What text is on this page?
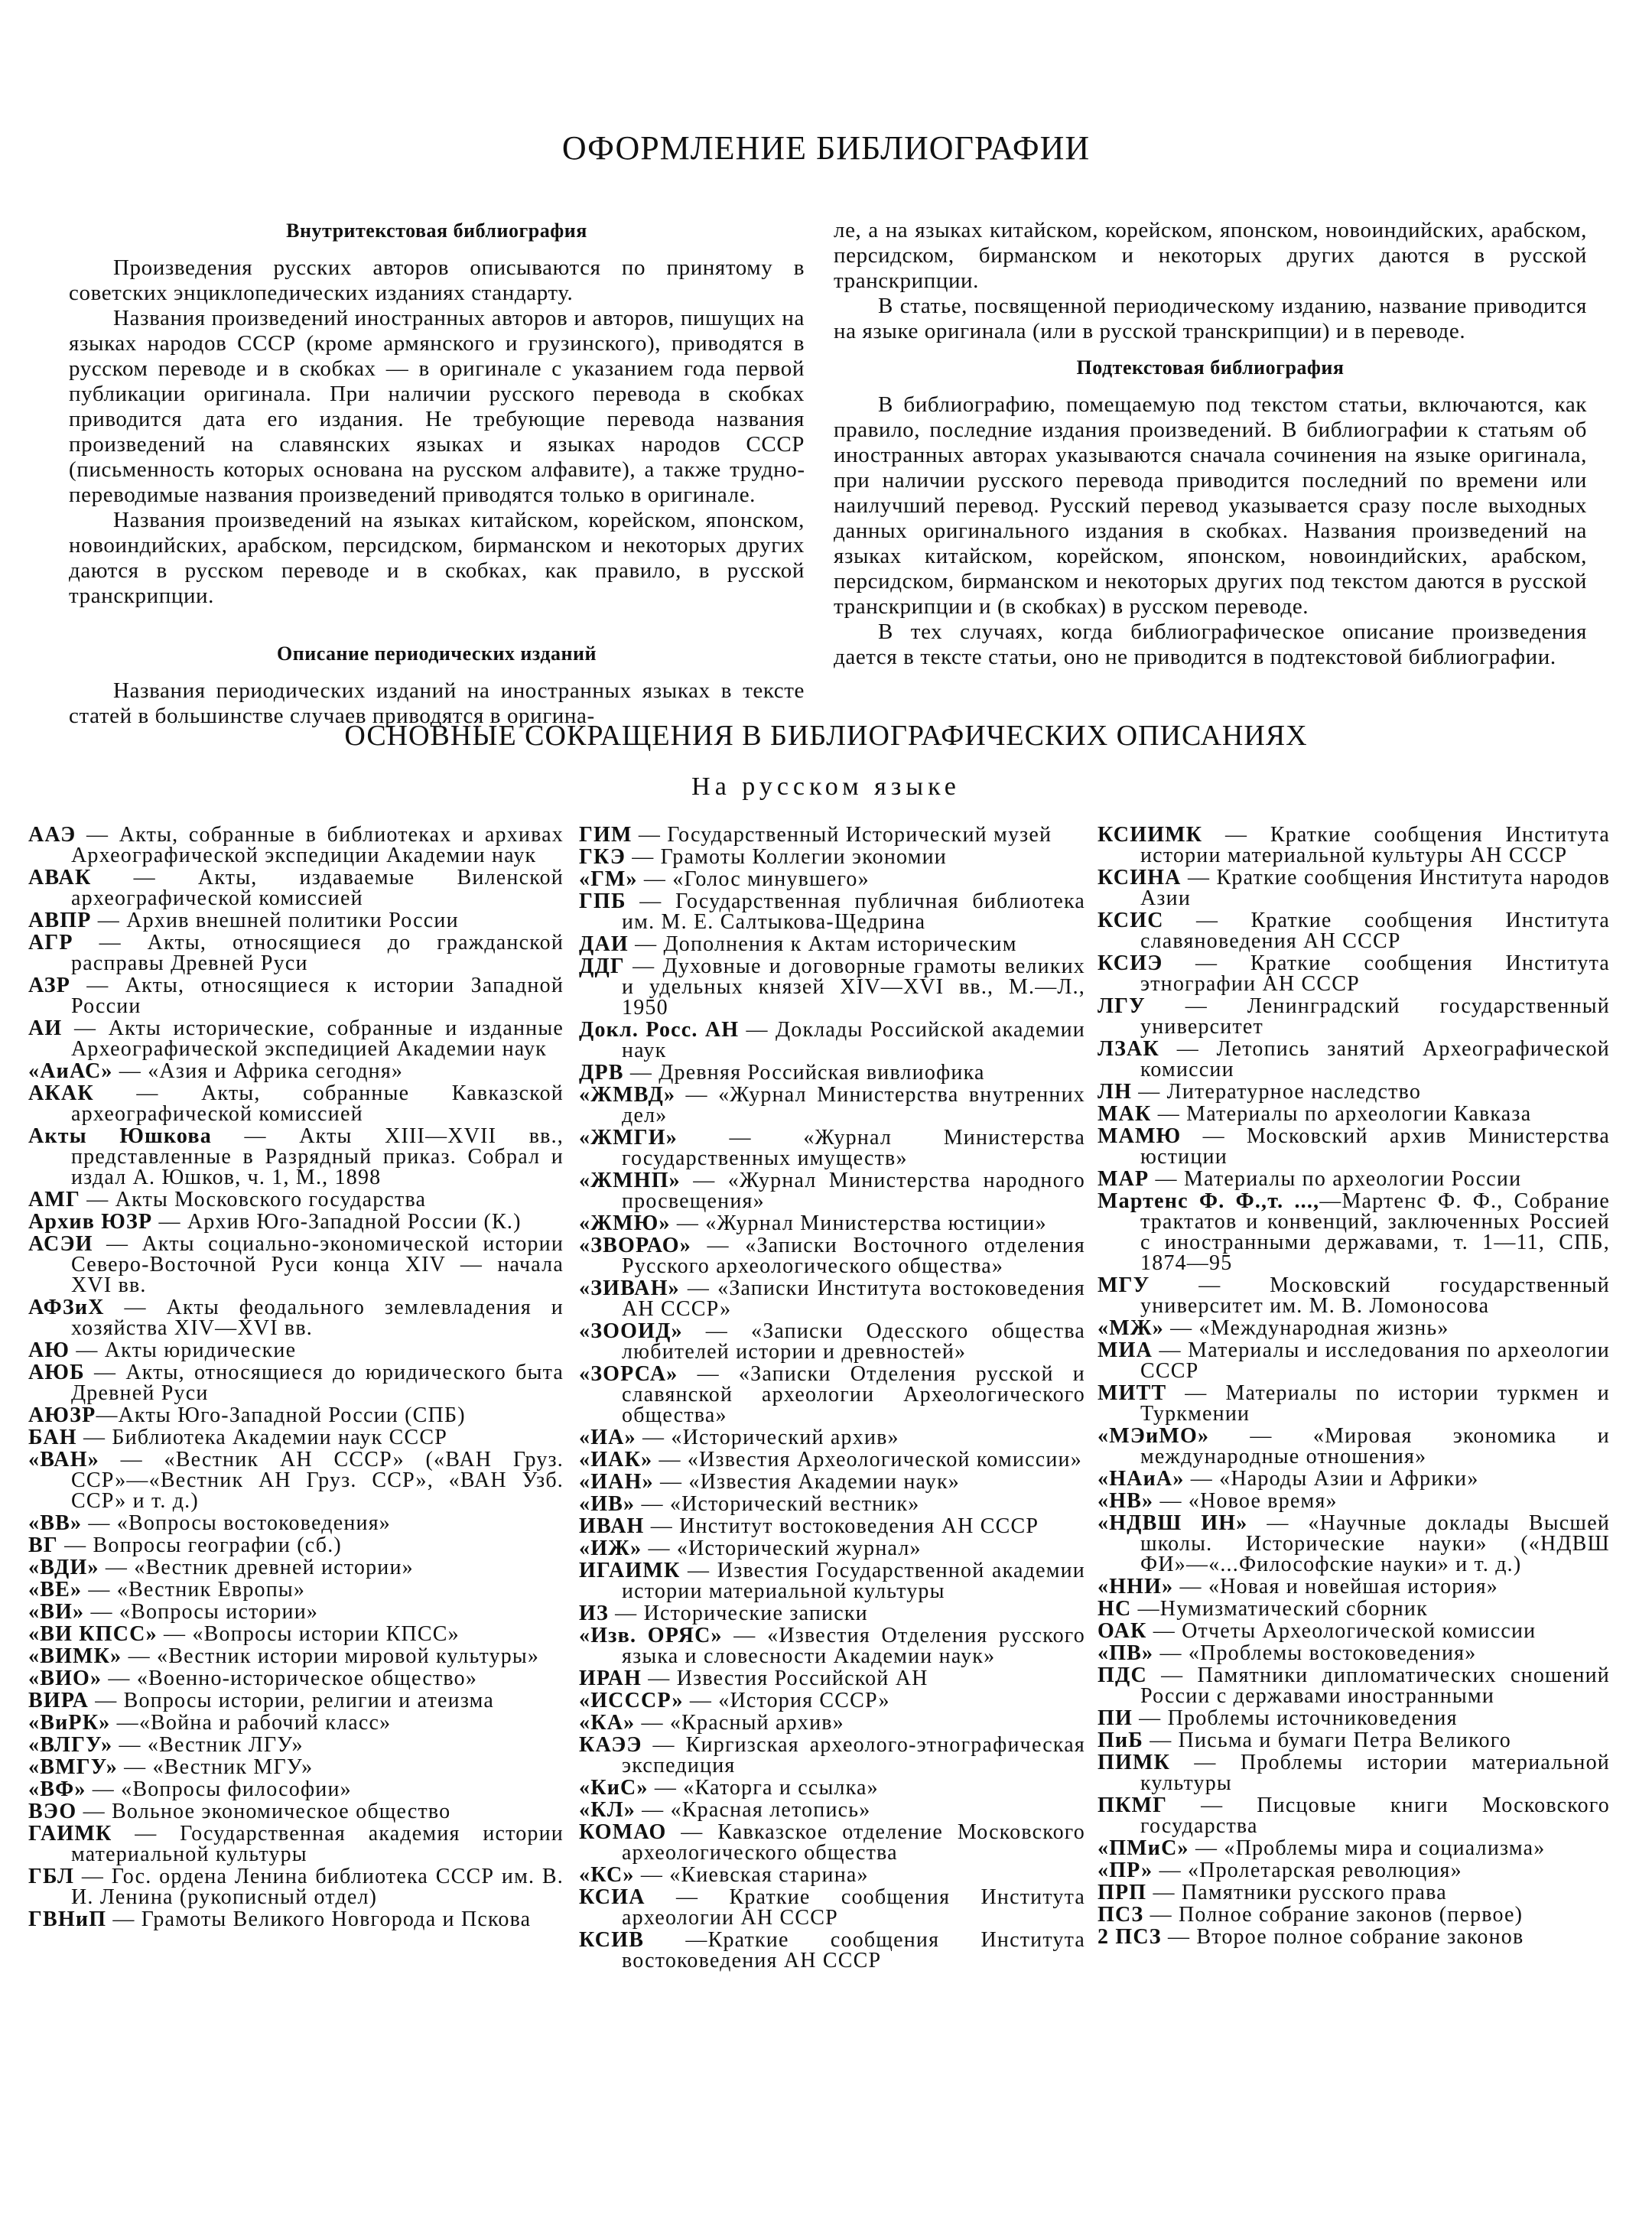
ОФОРМЛЕНИЕ БИБЛИОГРАФИИ
Внутритекстовая библиография

Произведения русских авторов описываются по принятому в советских энциклопедических изданиях стандарту.

Названия произведений иностранных авторов и авторов, пишущих на языках народов СССР (кроме армянского и грузинского), приводятся в русском переводе и в скобках — в оригинале с указанием года первой публикации оригинала. При наличии русского перевода в скобках приводится дата его издания. Не требующие перевода названия произведений на славянских языках и языках народов СССР (письменность которых основана на русском алфавите), а также труднопереводимые названия произведений приводятся только в оригинале.

Названия произведений на языках китайском, корейском, японском, новоиндийских, арабском, персидском, бирманском и некоторых других даются в русском переводе и в скобках, как правило, в русской транскрипции.

Описание периодических изданий

Названия периодических изданий на иностранных языках в тексте статей в большинстве случаев приводятся в оригина-

ле, а на языках китайском, корейском, японском, новоиндийских, арабском, персидском, бирманском и некоторых других даются в русской транскрипции.

В статье, посвященной периодическому изданию, название приводится на языке оригинала (или в русской транскрипции) и в переводе.

Подтекстовая библиография

В библиографию, помещаемую под текстом статьи, включаются, как правило, последние издания произведений. В библиографии к статьям об иностранных авторах указываются сначала сочинения на языке оригинала, при наличии русского перевода приводится последний по времени или наилучший перевод. Русский перевод указывается сразу после выходных данных оригинального издания в скобках. Названия произведений на языках китайском, корейском, японском, новоиндийских, арабском, персидском, бирманском и некоторых других под текстом даются в русской транскрипции и (в скобках) в русском переводе.

В тех случаях, когда библиографическое описание произведения дается в тексте статьи, оно не приводится в подтекстовой библиографии.

ОСНОВНЫЕ СОКРАЩЕНИЯ В БИБЛИОГРАФИЧЕСКИХ ОПИСАНИЯХ
На русском языке
ААЭ — Акты, собранные в библиотеках и архивах Археографической экспедиции Академии наук
АВАК — Акты, издаваемые Виленской археографической комиссией
АВПР — Архив внешней политики России
АГР — Акты, относящиеся до гражданской расправы Древней Руси
АЗР — Акты, относящиеся к истории Западной России
АИ — Акты исторические, собранные и изданные Археографической экспедицией Академии наук
«АиАС» — «Азия и Африка сегодня»
АКАК — Акты, собранные Кавказской археографической комиссией
Акты Юшкова — Акты XIII—XVII вв., представленные в Разрядный приказ. Собрал и издал А. Юшков, ч. 1, М., 1898
АМГ — Акты Московского государства
Архив ЮЗР — Архив Юго-Западной России (К.)
АСЭИ — Акты социально-экономической истории Северо-Восточной Руси конца XIV — начала XVI вв.
АФЗиХ — Акты феодального землевладения и хозяйства XIV—XVI вв.
АЮ — Акты юридические
АЮБ — Акты, относящиеся до юридического быта Древней Руси
АЮЗР—Акты Юго-Западной России (СПБ)
БАН — Библиотека Академии наук СССР
«ВАН» — «Вестник АН СССР» («ВАН Груз. ССР»—«Вестник АН Груз. ССР», «ВАН Узб. ССР» и т. д.)
«ВВ» — «Вопросы востоковедения»
ВГ — Вопросы географии (сб.)
«ВДИ» — «Вестник древней истории»
«ВЕ» — «Вестник Европы»
«ВИ» — «Вопросы истории»
«ВИ КПСС» — «Вопросы истории КПСС»
«ВИМК» — «Вестник истории мировой культуры»
«ВИО» — «Военно-историческое общество»
ВИРА — Вопросы истории, религии и атеизма
«ВиРК» —«Война и рабочий класс»
«ВЛГУ» — «Вестник ЛГУ»
«ВМГУ» — «Вестник МГУ»
«ВФ» — «Вопросы философии»
ВЭО — Вольное экономическое общество
ГАИМК — Государственная академия истории материальной культуры
ГБЛ — Гос. ордена Ленина библиотека СССР им. В. И. Ленина (рукописный отдел)
ГВНиП — Грамоты Великого Новгорода и Пскова
ГИМ — Государственный Исторический музей
ГКЭ — Грамоты Коллегии экономии
«ГМ» — «Голос минувшего»
ГПБ — Государственная публичная библиотека им. М. Е. Салтыкова-Щедрина
ДАИ — Дополнения к Актам историческим
ДДГ — Духовные и договорные грамоты великих и удельных князей XIV—XVI вв., М.—Л., 1950
Докл. Росс. АН — Доклады Российской академии наук
ДРВ — Древняя Российская вивлиофика
«ЖМВД» — «Журнал Министерства внутренних дел»
«ЖМГИ» — «Журнал Министерства государственных имуществ»
«ЖМНП» — «Журнал Министерства народного просвещения»
«ЖМЮ» — «Журнал Министерства юстиции»
«ЗВОРАО» — «Записки Восточного отделения Русского археологического общества»
«ЗИВАН» — «Записки Института востоковедения АН СССР»
«ЗООИД» — «Записки Одесского общества любителей истории и древностей»
«ЗОРСА» — «Записки Отделения русской и славянской археологии Археологического общества»
«ИА» — «Исторический архив»
«ИАК» — «Известия Археологической комиссии»
«ИАН» — «Известия Академии наук»
«ИВ» — «Исторический вестник»
ИВАН — Институт востоковедения АН СССР
«ИЖ» — «Исторический журнал»
ИГАИМК — Известия Государственной академии истории материальной культуры
ИЗ — Исторические записки
«Изв. ОРЯС» — «Известия Отделения русского языка и словесности Академии наук»
ИРАН — Известия Российской АН
«ИСССР» — «История СССР»
«КА» — «Красный архив»
КАЭЭ — Киргизская археолого-этнографическая экспедиция
«КиС» — «Каторга и ссылка»
«КЛ» — «Красная летопись»
КОМАО — Кавказское отделение Московского археологического общества
«КС» — «Киевская старина»
КСИА — Краткие сообщения Института археологии АН СССР
КСИВ —Краткие сообщения Института востоковедения АН СССР
КСИИМК — Краткие сообщения Института истории материальной культуры АН СССР
КСИНА — Краткие сообщения Института народов Азии
КСИС — Краткие сообщения Института славяноведения АН СССР
КСИЭ — Краткие сообщения Института этнографии АН СССР
ЛГУ — Ленинградский государственный университет
ЛЗАК — Летопись занятий Археографической комиссии
ЛН — Литературное наследство
МАК — Материалы по археологии Кавказа
МАМЮ — Московский архив Министерства юстиции
МАР — Материалы по археологии России
Мартенс Ф. Ф.,т. ...,—Мартенс Ф. Ф., Собрание трактатов и конвенций, заключенных Россией с иностранными державами, т. 1—11, СПБ, 1874—95
МГУ — Московский государственный университет им. М. В. Ломоносова
«МЖ» — «Международная жизнь»
МИА — Материалы и исследования по археологии СССР
МИТТ — Материалы по истории туркмен и Туркмении
«МЭиМО» — «Мировая экономика и международные отношения»
«НАиА» — «Народы Азии и Африки»
«НВ» — «Новое время»
«НДВШ ИН» — «Научные доклады Высшей школы. Исторические науки» («НДВШ ФИ»—«...Философские науки» и т. д.)
«ННИ» — «Новая и новейшая история»
НС —Нумизматический сборник
ОАК — Отчеты Археологической комиссии
«ПВ» — «Проблемы востоковедения»
ПДС — Памятники дипломатических сношений России с державами иностранными
ПИ — Проблемы источниковедения
ПиБ — Письма и бумаги Петра Великого
ПИМК — Проблемы истории материальной культуры
ПКМГ — Писцовые книги Московского государства
«ПМиС» — «Проблемы мира и социализма»
«ПР» — «Пролетарская революция»
ПРП — Памятники русского права
ПСЗ — Полное собрание законов (первое)
2 ПСЗ — Второе полное собрание законов
